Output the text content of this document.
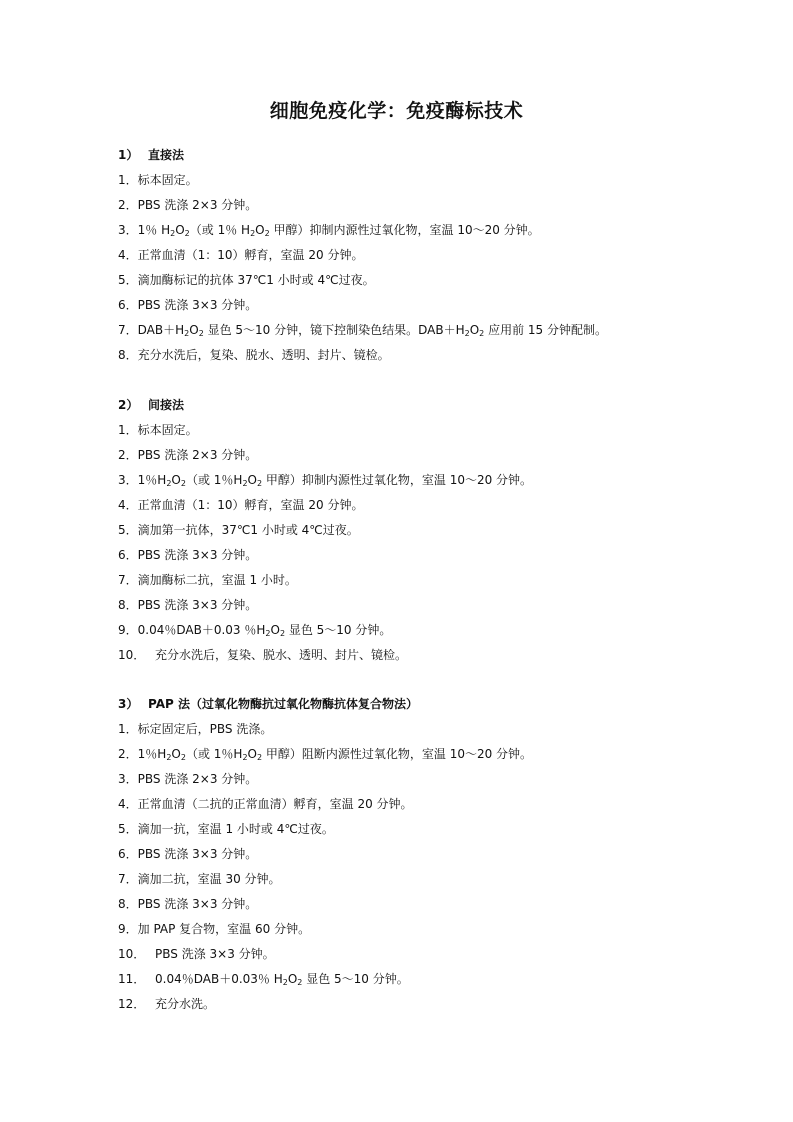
细胞免疫化学：免疫酶标技术
1） 直接法
1．标本固定。
2．PBS 洗涤 2×3 分钟。
3．1％ $H_2O_2$（或 1％ $H_2O_2$ 甲醇）抑制内源性过氧化物，室温 10～20 分钟。
4．正常血清（1：10）孵育，室温 20 分钟。
5．滴加酶标记的抗体 37℃1 小时或 4℃过夜。
6．PBS 洗涤 3×3 分钟。
7．$DAB+H_2O_2$ 显色 5～10 分钟，镜下控制染色结果。$DAB+H_2O_2$ 应用前 15 分钟配制。
8．充分水洗后，复染、脱水、透明、封片、镜检。
2） 间接法
1．标本固定。
2．PBS 洗涤 2×3 分钟。
3．1％$H_2O_2$（或 1％$H_2O_2$ 甲醇）抑制内源性过氧化物，室温 10～20 分钟。
4．正常血清（1：10）孵育，室温 20 分钟。
5．滴加第一抗体，37℃1 小时或 4℃过夜。
6．PBS 洗涤 3×3 分钟。
7．滴加酶标二抗，室温 1 小时。
8．PBS 洗涤 3×3 分钟。
9．0.04％DAB＋0.03 ％$H_2O_2$ 显色 5～10 分钟。
10． 充分水洗后，复染、脱水、透明、封片、镜检。
3） PAP 法（过氧化物酶抗过氧化物酶抗体复合物法）
1．标定固定后，PBS 洗涤。
2．1％$H_2O_2$（或 1％$H_2O_2$ 甲醇）阻断内源性过氧化物，室温 10～20 分钟。
3．PBS 洗涤 2×3 分钟。
4．正常血清（二抗的正常血清）孵育，室温 20 分钟。
5．滴加一抗，室温 1 小时或 4℃过夜。
6．PBS 洗涤 3×3 分钟。
7．滴加二抗，室温 30 分钟。
8．PBS 洗涤 3×3 分钟。
9．加 PAP 复合物，室温 60 分钟。
10． PBS 洗涤 3×3 分钟。
11． 0.04％DAB＋0.03％ $H_2O_2$ 显色 5～10 分钟。
12． 充分水洗。
